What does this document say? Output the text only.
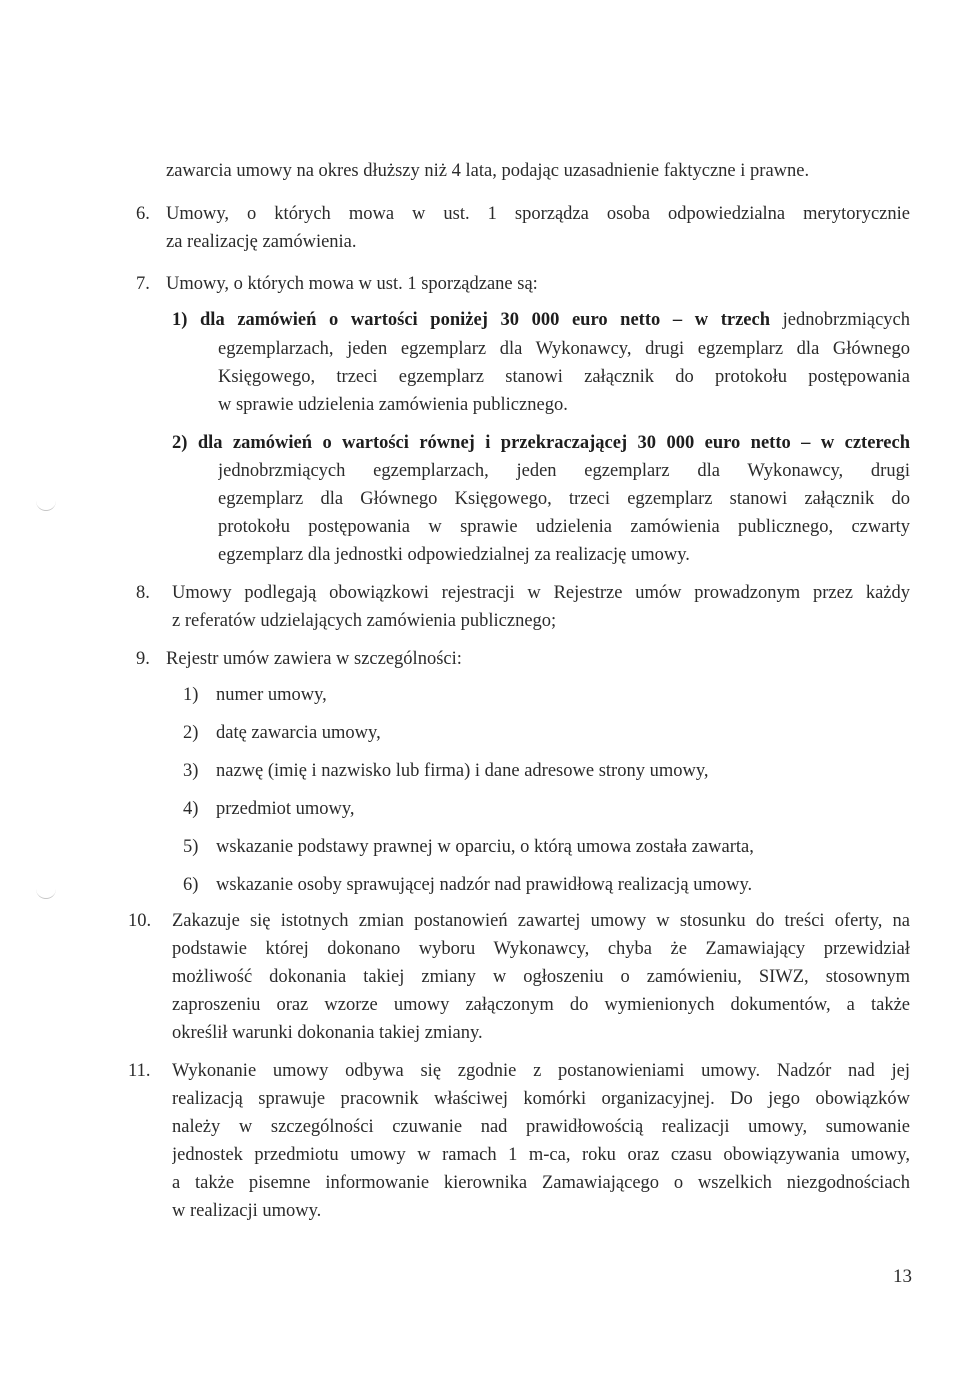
zawarcia umowy na okres dłuższy niż 4 lata, podając uzasadnienie faktyczne i prawne.
6. Umowy, o których mowa w ust. 1 sporządza osoba odpowiedzialna merytorycznie
za realizację zamówienia.
7. Umowy, o których mowa w ust. 1 sporządzane są:
1) dla zamówień o wartości poniżej 30 000 euro netto – w trzech jednobrzmiących
egzemplarzach, jeden egzemplarz dla Wykonawcy, drugi egzemplarz dla Głównego
Księgowego, trzeci egzemplarz stanowi załącznik do protokołu postępowania
w sprawie udzielenia zamówienia publicznego.
2) dla zamówień o wartości równej i przekraczającej 30 000 euro netto – w czterech
jednobrzmiących egzemplarzach, jeden egzemplarz dla Wykonawcy, drugi
egzemplarz dla Głównego Księgowego, trzeci egzemplarz stanowi załącznik do
protokołu postępowania w sprawie udzielenia zamówienia publicznego, czwarty
egzemplarz dla jednostki odpowiedzialnej za realizację umowy.
8. Umowy podlegają obowiązkowi rejestracji w Rejestrze umów prowadzonym przez każdy
z referatów udzielających zamówienia publicznego;
9. Rejestr umów zawiera w szczególności:
1) numer umowy,
2) datę zawarcia umowy,
3) nazwę (imię i nazwisko lub firma) i dane adresowe strony umowy,
4) przedmiot umowy,
5) wskazanie podstawy prawnej w oparciu, o którą umowa została zawarta,
6) wskazanie osoby sprawującej nadzór nad prawidłową realizacją umowy.
10. Zakazuje się istotnych zmian postanowień zawartej umowy w stosunku do treści oferty, na
podstawie której dokonano wyboru Wykonawcy, chyba że Zamawiający przewidział
możliwość dokonania takiej zmiany w ogłoszeniu o zamówieniu, SIWZ, stosownym
zaproszeniu oraz wzorze umowy załączonym do wymienionych dokumentów, a także
określił warunki dokonania takiej zmiany.
11. Wykonanie umowy odbywa się zgodnie z postanowieniami umowy. Nadzór nad jej
realizacją sprawuje pracownik właściwej komórki organizacyjnej. Do jego obowiązków
należy w szczególności czuwanie nad prawidłowością realizacji umowy, sumowanie
jednostek przedmiotu umowy w ramach 1 m-ca, roku oraz czasu obowiązywania umowy,
a także pisemne informowanie kierownika Zamawiającego o wszelkich niezgodnościach
w realizacji umowy.
13
